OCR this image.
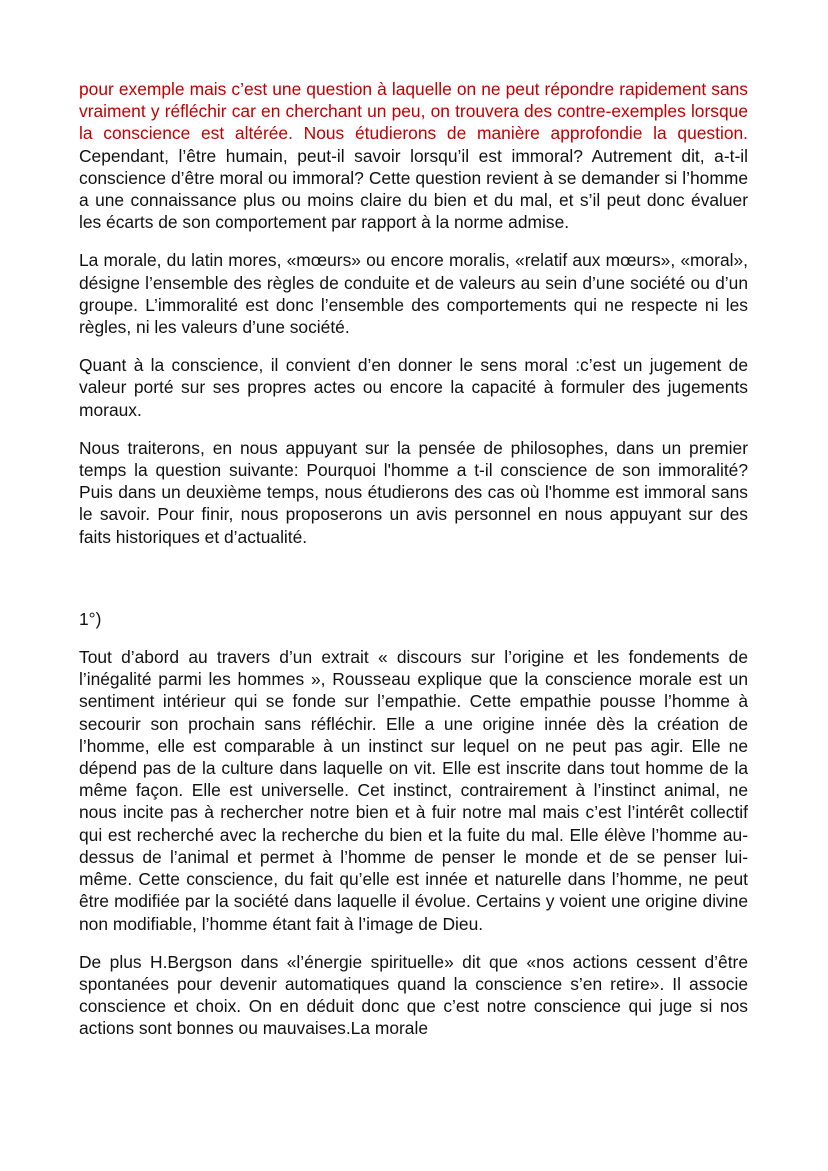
pour exemple mais c’est une question à laquelle on ne peut répondre rapidement sans vraiment y réfléchir car en cherchant un peu, on trouvera des contre-exemples lorsque la conscience est altérée. Nous étudierons de manière approfondie la question. Cependant, l’être humain, peut-il savoir lorsqu’il est immoral? Autrement dit, a-t-il conscience d’être moral ou immoral? Cette question revient à se demander si l’homme a une connaissance plus ou moins claire du bien et du mal, et s’il peut donc évaluer les écarts de son comportement par rapport à la norme admise.

La morale, du latin mores, «mœurs» ou encore moralis, «relatif aux mœurs», «moral», désigne l’ensemble des règles de conduite et de valeurs au sein d’une société ou d’un groupe. L’immoralité est donc l’ensemble des comportements qui ne respecte ni les règles, ni les valeurs d’une société.

Quant à la conscience, il convient d’en donner le sens moral :c’est un jugement de valeur porté sur ses propres actes ou encore la capacité à formuler des jugements moraux.

Nous traiterons, en nous appuyant sur la pensée de philosophes, dans un premier temps la question suivante: Pourquoi l'homme a t-il conscience de son immoralité? Puis dans un deuxième temps, nous étudierons des cas où l'homme est immoral sans le savoir. Pour finir, nous proposerons un avis personnel en nous appuyant sur des faits historiques et d’actualité.

1°)

Tout d’abord au travers d’un extrait « discours sur l’origine et les fondements de l’inégalité parmi les hommes », Rousseau explique que la conscience morale est un sentiment intérieur qui se fonde sur l’empathie. Cette empathie pousse l’homme à secourir son prochain sans réfléchir. Elle a une origine innée dès la création de l’homme, elle est comparable à un instinct sur lequel on ne peut pas agir. Elle ne dépend pas de la culture dans laquelle on vit. Elle est inscrite dans tout homme de la même façon. Elle est universelle. Cet instinct, contrairement à l’instinct animal, ne nous incite pas à rechercher notre bien et à fuir notre mal mais c’est l’intérêt collectif qui est recherché avec la recherche du bien et la fuite du mal. Elle élève l’homme au-dessus de l’animal et permet à l’homme de penser le monde et de se penser lui-même. Cette conscience, du fait qu’elle est innée et naturelle dans l’homme, ne peut être modifiée par la société dans laquelle il évolue. Certains y voient une origine divine non modifiable, l’homme étant fait à l’image de Dieu.

De plus H.Bergson dans «l’énergie spirituelle» dit que «nos actions cessent d’être spontanées pour devenir automatiques quand la conscience s’en retire». Il associe conscience et choix. On en déduit donc que c’est notre conscience qui juge si nos actions sont bonnes ou mauvaises.La morale
